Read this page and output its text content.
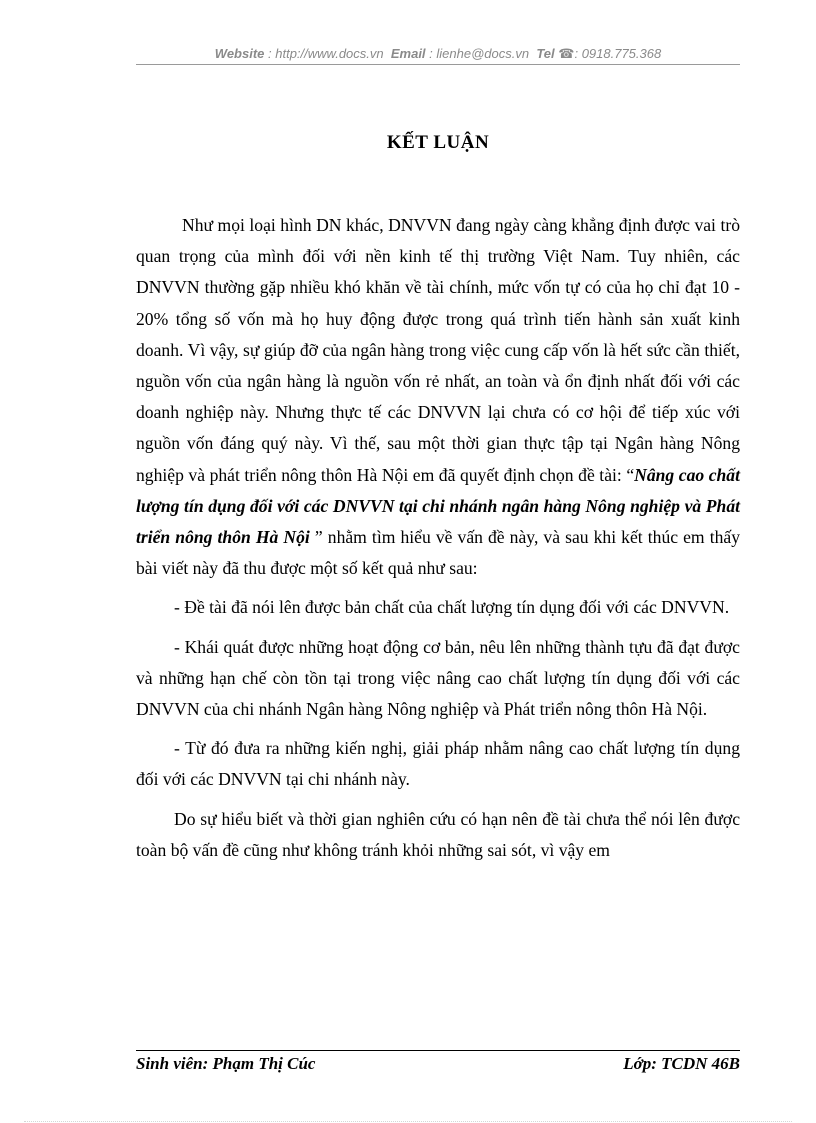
Website : http://www.docs.vn Email : lienhe@docs.vn Tel ☎: 0918.775.368
KẾT LUẬN

Như mọi loại hình DN khác, DNVVN đang ngày càng khẳng định được vai trò quan trọng của mình đối với nền kinh tế thị trường Việt Nam. Tuy nhiên, các DNVVN thường gặp nhiều khó khăn về tài chính, mức vốn tự có của họ chỉ đạt 10 - 20% tổng số vốn mà họ huy động được trong quá trình tiến hành sản xuất kinh doanh. Vì vậy, sự giúp đỡ của ngân hàng trong việc cung cấp vốn là hết sức cần thiết, nguồn vốn của ngân hàng là nguồn vốn rẻ nhất, an toàn và ổn định nhất đối với các doanh nghiệp này. Nhưng thực tế các DNVVN lại chưa có cơ hội để tiếp xúc với nguồn vốn đáng quý này. Vì thế, sau một thời gian thực tập tại Ngân hàng Nông nghiệp và phát triển nông thôn Hà Nội em đã quyết định chọn đề tài: “Nâng cao chất lượng tín dụng đối với các DNVVN tại chi nhánh ngân hàng Nông nghiệp và Phát triển nông thôn Hà Nội ” nhằm tìm hiểu về vấn đề này, và sau khi kết thúc em thấy bài viết này đã thu được một số kết quả như sau:

- Đề tài đã nói lên được bản chất của chất lượng tín dụng đối với các DNVVN.

- Khái quát được những hoạt động cơ bản, nêu lên những thành tựu đã đạt được và những hạn chế còn tồn tại trong việc nâng cao chất lượng tín dụng đối với các DNVVN của chi nhánh Ngân hàng Nông nghiệp và Phát triển nông thôn Hà Nội.

- Từ đó đưa ra những kiến nghị, giải pháp nhằm nâng cao chất lượng tín dụng đối với các DNVVN tại chi nhánh này.

Do sự hiểu biết và thời gian nghiên cứu có hạn nên đề tài chưa thể nói lên được toàn bộ vấn đề cũng như không tránh khỏi những sai sót, vì vậy em

Sinh viên: Phạm Thị Cúc	Lớp: TCDN 46B
